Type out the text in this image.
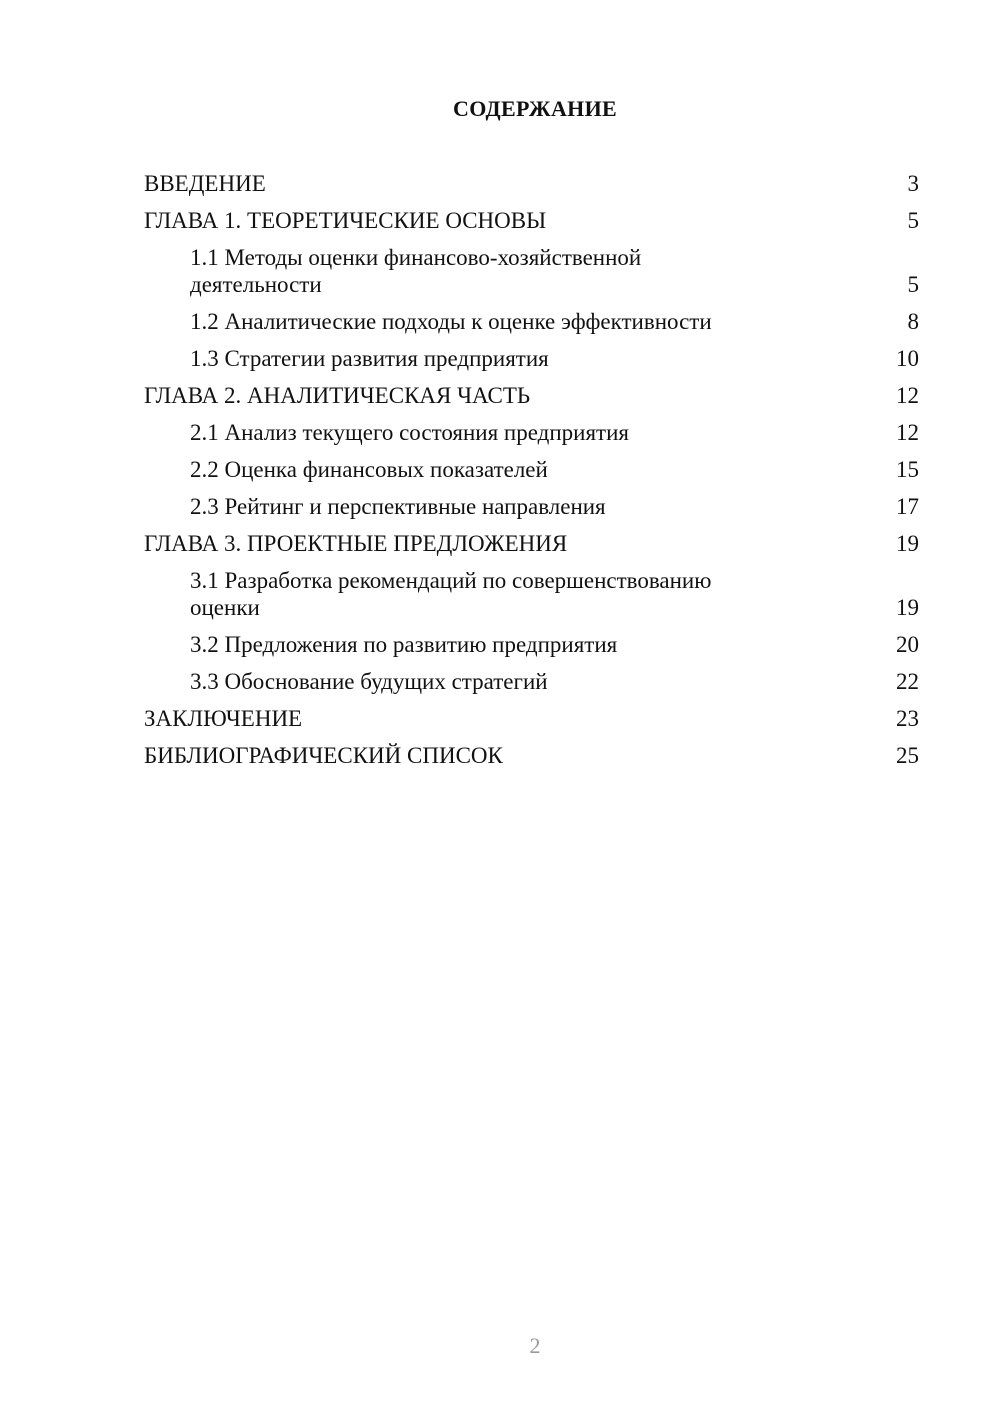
СОДЕРЖАНИЕ
ВВЕДЕНИЕ	3
ГЛАВА 1. ТЕОРЕТИЧЕСКИЕ ОСНОВЫ	5
1.1 Методы оценки финансово-хозяйственной деятельности	5
1.2 Аналитические подходы к оценке эффективности	8
1.3 Стратегии развития предприятия	10
ГЛАВА 2. АНАЛИТИЧЕСКАЯ ЧАСТЬ	12
2.1 Анализ текущего состояния предприятия	12
2.2 Оценка финансовых показателей	15
2.3 Рейтинг и перспективные направления	17
ГЛАВА 3. ПРОЕКТНЫЕ ПРЕДЛОЖЕНИЯ	19
3.1 Разработка рекомендаций по совершенствованию оценки	19
3.2 Предложения по развитию предприятия	20
3.3 Обоснование будущих стратегий	22
ЗАКЛЮЧЕНИЕ	23
БИБЛИОГРАФИЧЕСКИЙ СПИСОК	25
2
